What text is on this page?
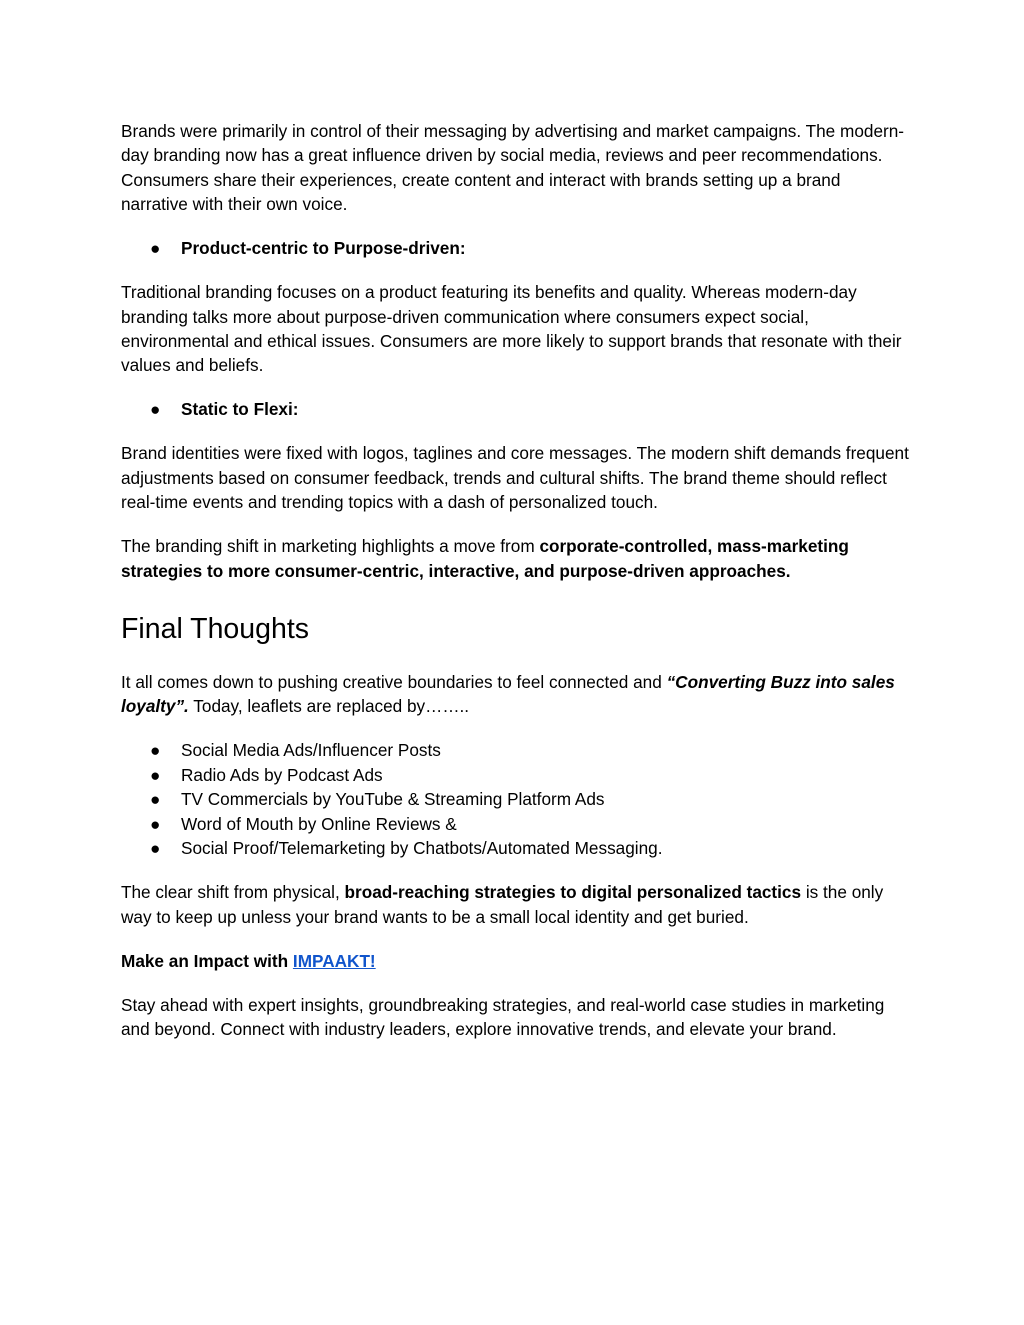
Brands were primarily in control of their messaging by advertising and market campaigns. The modern-day branding now has a great influence driven by social media, reviews and peer recommendations. Consumers share their experiences, create content and interact with brands setting up a brand narrative with their own voice.

● Product-centric to Purpose-driven:

Traditional branding focuses on a product featuring its benefits and quality. Whereas modern-day branding talks more about purpose-driven communication where consumers expect social, environmental and ethical issues. Consumers are more likely to support brands that resonate with their values and beliefs.

● Static to Flexi:

Brand identities were fixed with logos, taglines and core messages. The modern shift demands frequent adjustments based on consumer feedback, trends and cultural shifts. The brand theme should reflect real-time events and trending topics with a dash of personalized touch.

The branding shift in marketing highlights a move from corporate-controlled, mass-marketing strategies to more consumer-centric, interactive, and purpose-driven approaches.

Final Thoughts

It all comes down to pushing creative boundaries to feel connected and “Converting Buzz into sales loyalty”. Today, leaflets are replaced by……..

● Social Media Ads/Influencer Posts
● Radio Ads by Podcast Ads
● TV Commercials by YouTube & Streaming Platform Ads
● Word of Mouth by Online Reviews &
● Social Proof/Telemarketing by Chatbots/Automated Messaging.

The clear shift from physical, broad-reaching strategies to digital personalized tactics is the only way to keep up unless your brand wants to be a small local identity and get buried.

Make an Impact with IMPAAKT!

Stay ahead with expert insights, groundbreaking strategies, and real-world case studies in marketing and beyond. Connect with industry leaders, explore innovative trends, and elevate your brand.
